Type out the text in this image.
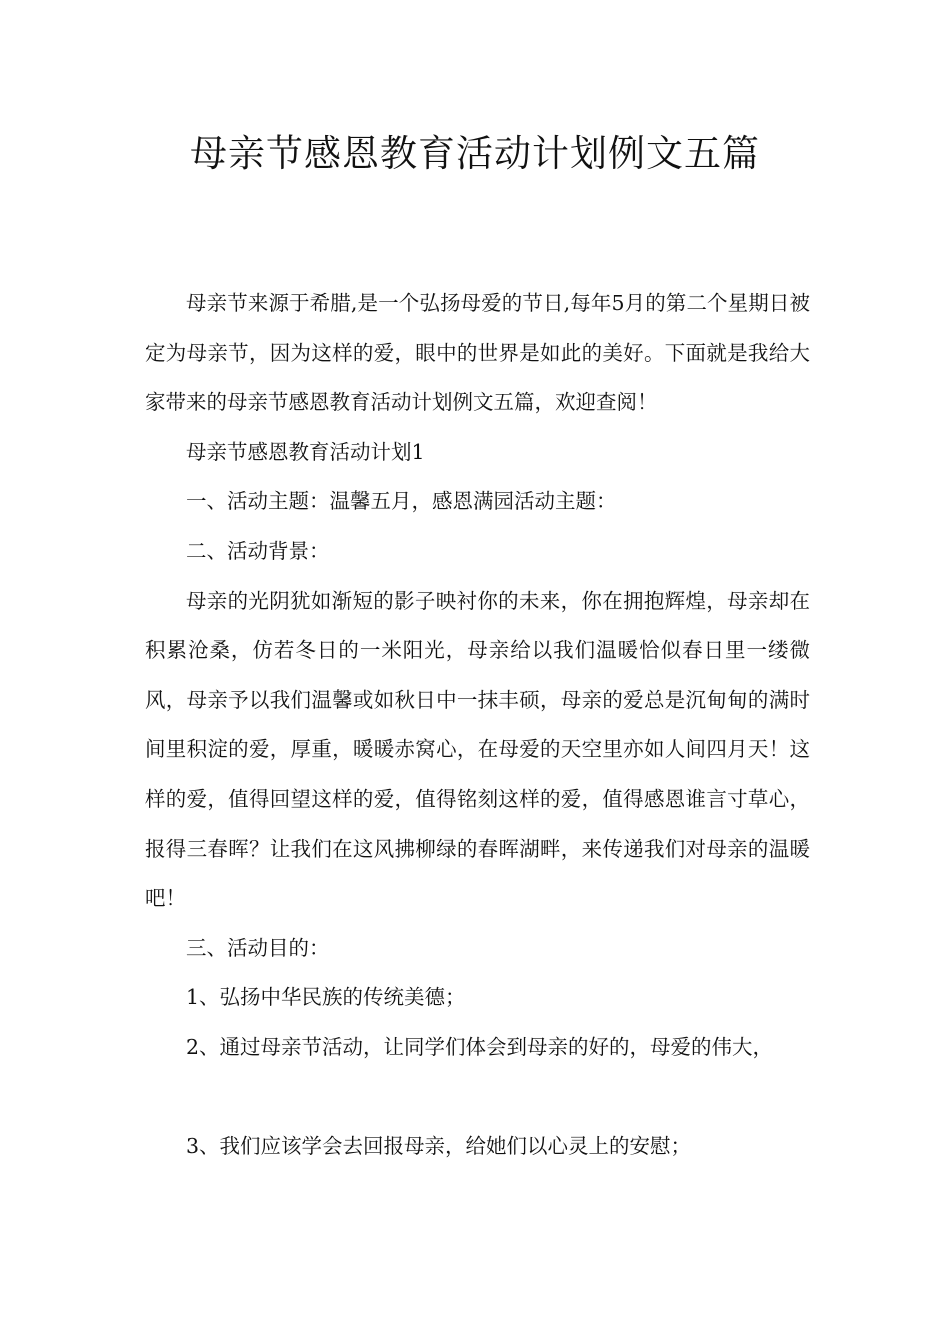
母亲节感恩教育活动计划例文五篇

母亲节来源于希腊,是一个弘扬母爱的节日,每年5月的第二个星期日被定为母亲节，因为这样的爱，眼中的世界是如此的美好。下面就是我给大家带来的母亲节感恩教育活动计划例文五篇，欢迎查阅！

母亲节感恩教育活动计划1

一、活动主题：温馨五月，感恩满园活动主题：

二、活动背景：

母亲的光阴犹如渐短的影子映衬你的未来，你在拥抱辉煌，母亲却在积累沧桑，仿若冬日的一米阳光，母亲给以我们温暖恰似春日里一缕微风，母亲予以我们温馨或如秋日中一抹丰硕，母亲的爱总是沉甸甸的满时间里积淀的爱，厚重，暖暖赤窝心，在母爱的天空里亦如人间四月天！这样的爱，值得回望这样的爱，值得铭刻这样的爱，值得感恩谁言寸草心，报得三春晖？让我们在这风拂柳绿的春晖湖畔，来传递我们对母亲的温暖吧！

三、活动目的：

1、弘扬中华民族的传统美德；

2、通过母亲节活动，让同学们体会到母亲的好的，母爱的伟大，

3、我们应该学会去回报母亲，给她们以心灵上的安慰；
